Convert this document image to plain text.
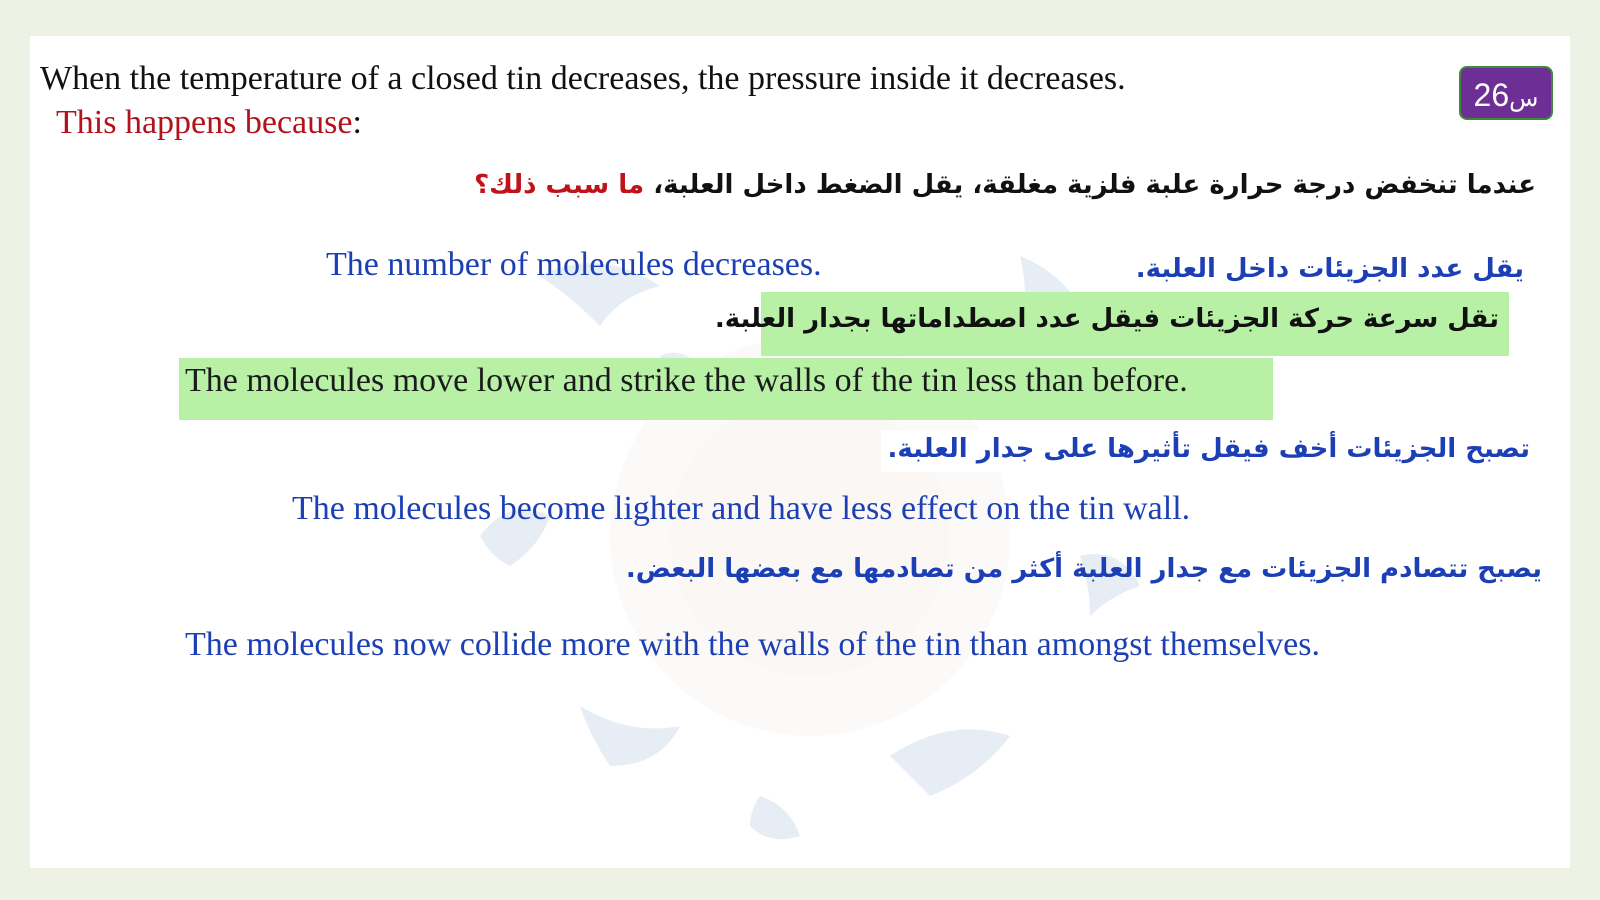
When the temperature of a closed tin decreases, the pressure inside it decreases.
This happens because:
26س
عندما تنخفض درجة حرارة علبة فلزية مغلقة، يقل الضغط داخل العلبة، ما سبب ذلك؟
يقل عدد الجزيئات داخل العلبة.
The number of molecules decreases.
تقل سرعة حركة الجزيئات فيقل عدد اصطداماتها بجدار العلبة.
The molecules move lower and strike the walls of the tin less than before.
تصبح الجزيئات أخف فيقل تأثيرها على جدار العلبة.
The molecules become lighter and have less effect on the tin wall.
يصبح تتصادم الجزيئات مع جدار العلبة أكثر من تصادمها مع بعضها البعض.
The molecules now collide more with the walls of the tin than amongst themselves.
